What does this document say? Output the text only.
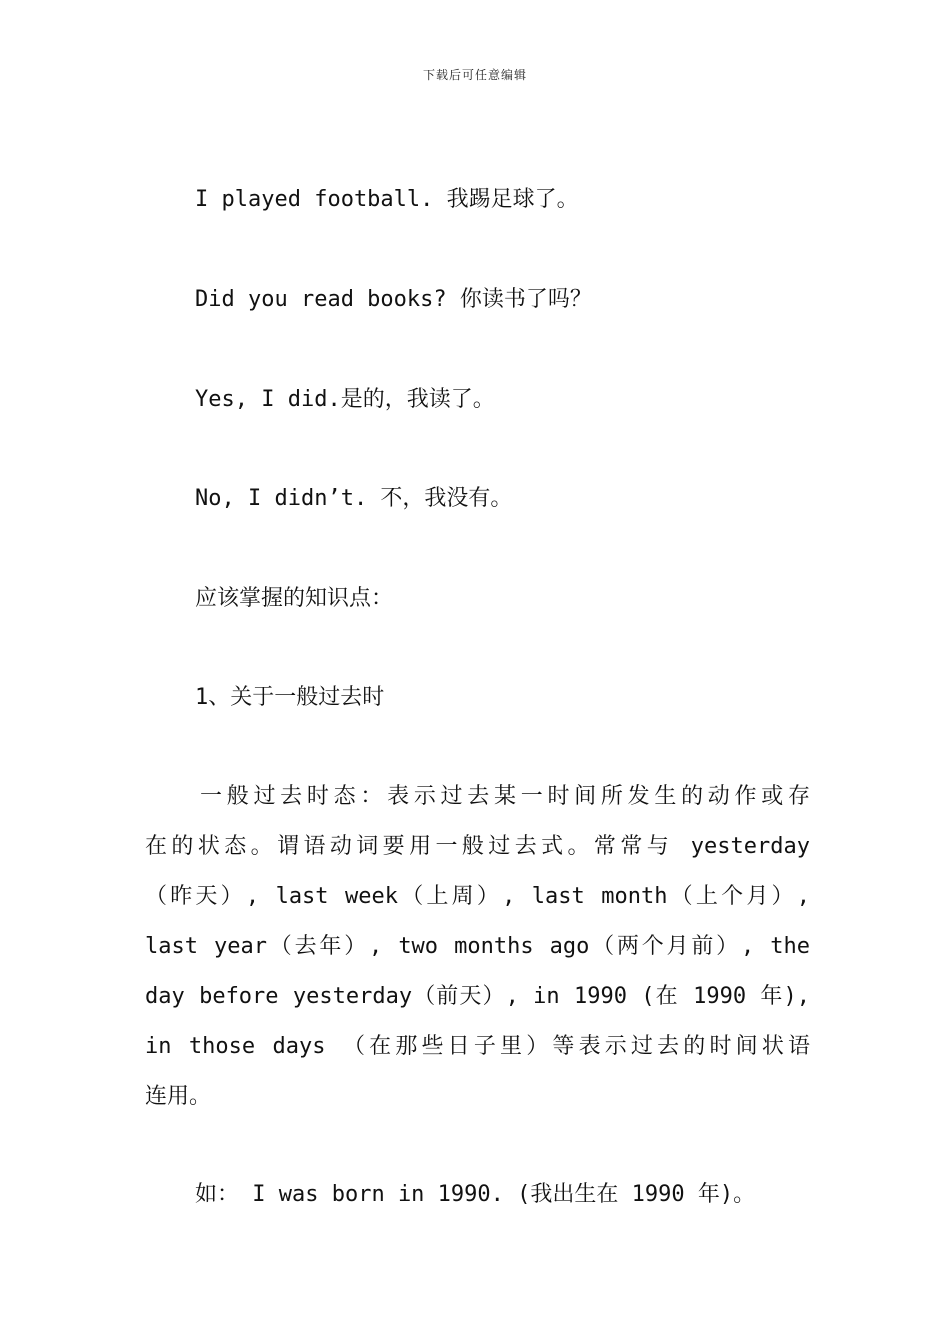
下载后可任意编辑
I played football. 我踢足球了。
Did you read books? 你读书了吗？
Yes, I did.是的，我读了。
No, I didn’t. 不，我没有。
应该掌握的知识点：
1、关于一般过去时
一般过去时态：表示过去某一时间所发生的动作或存
在的状态。谓语动词要用一般过去式。常常与 yesterday
（昨天）, last week（上周）, last month（上个月）,
last year（去年）, two months ago（两个月前）, the
day before yesterday（前天）, in 1990 (在 1990 年),
in those days （在那些日子里）等表示过去的时间状语
连用。
如： I was born in 1990. (我出生在 1990 年)。
